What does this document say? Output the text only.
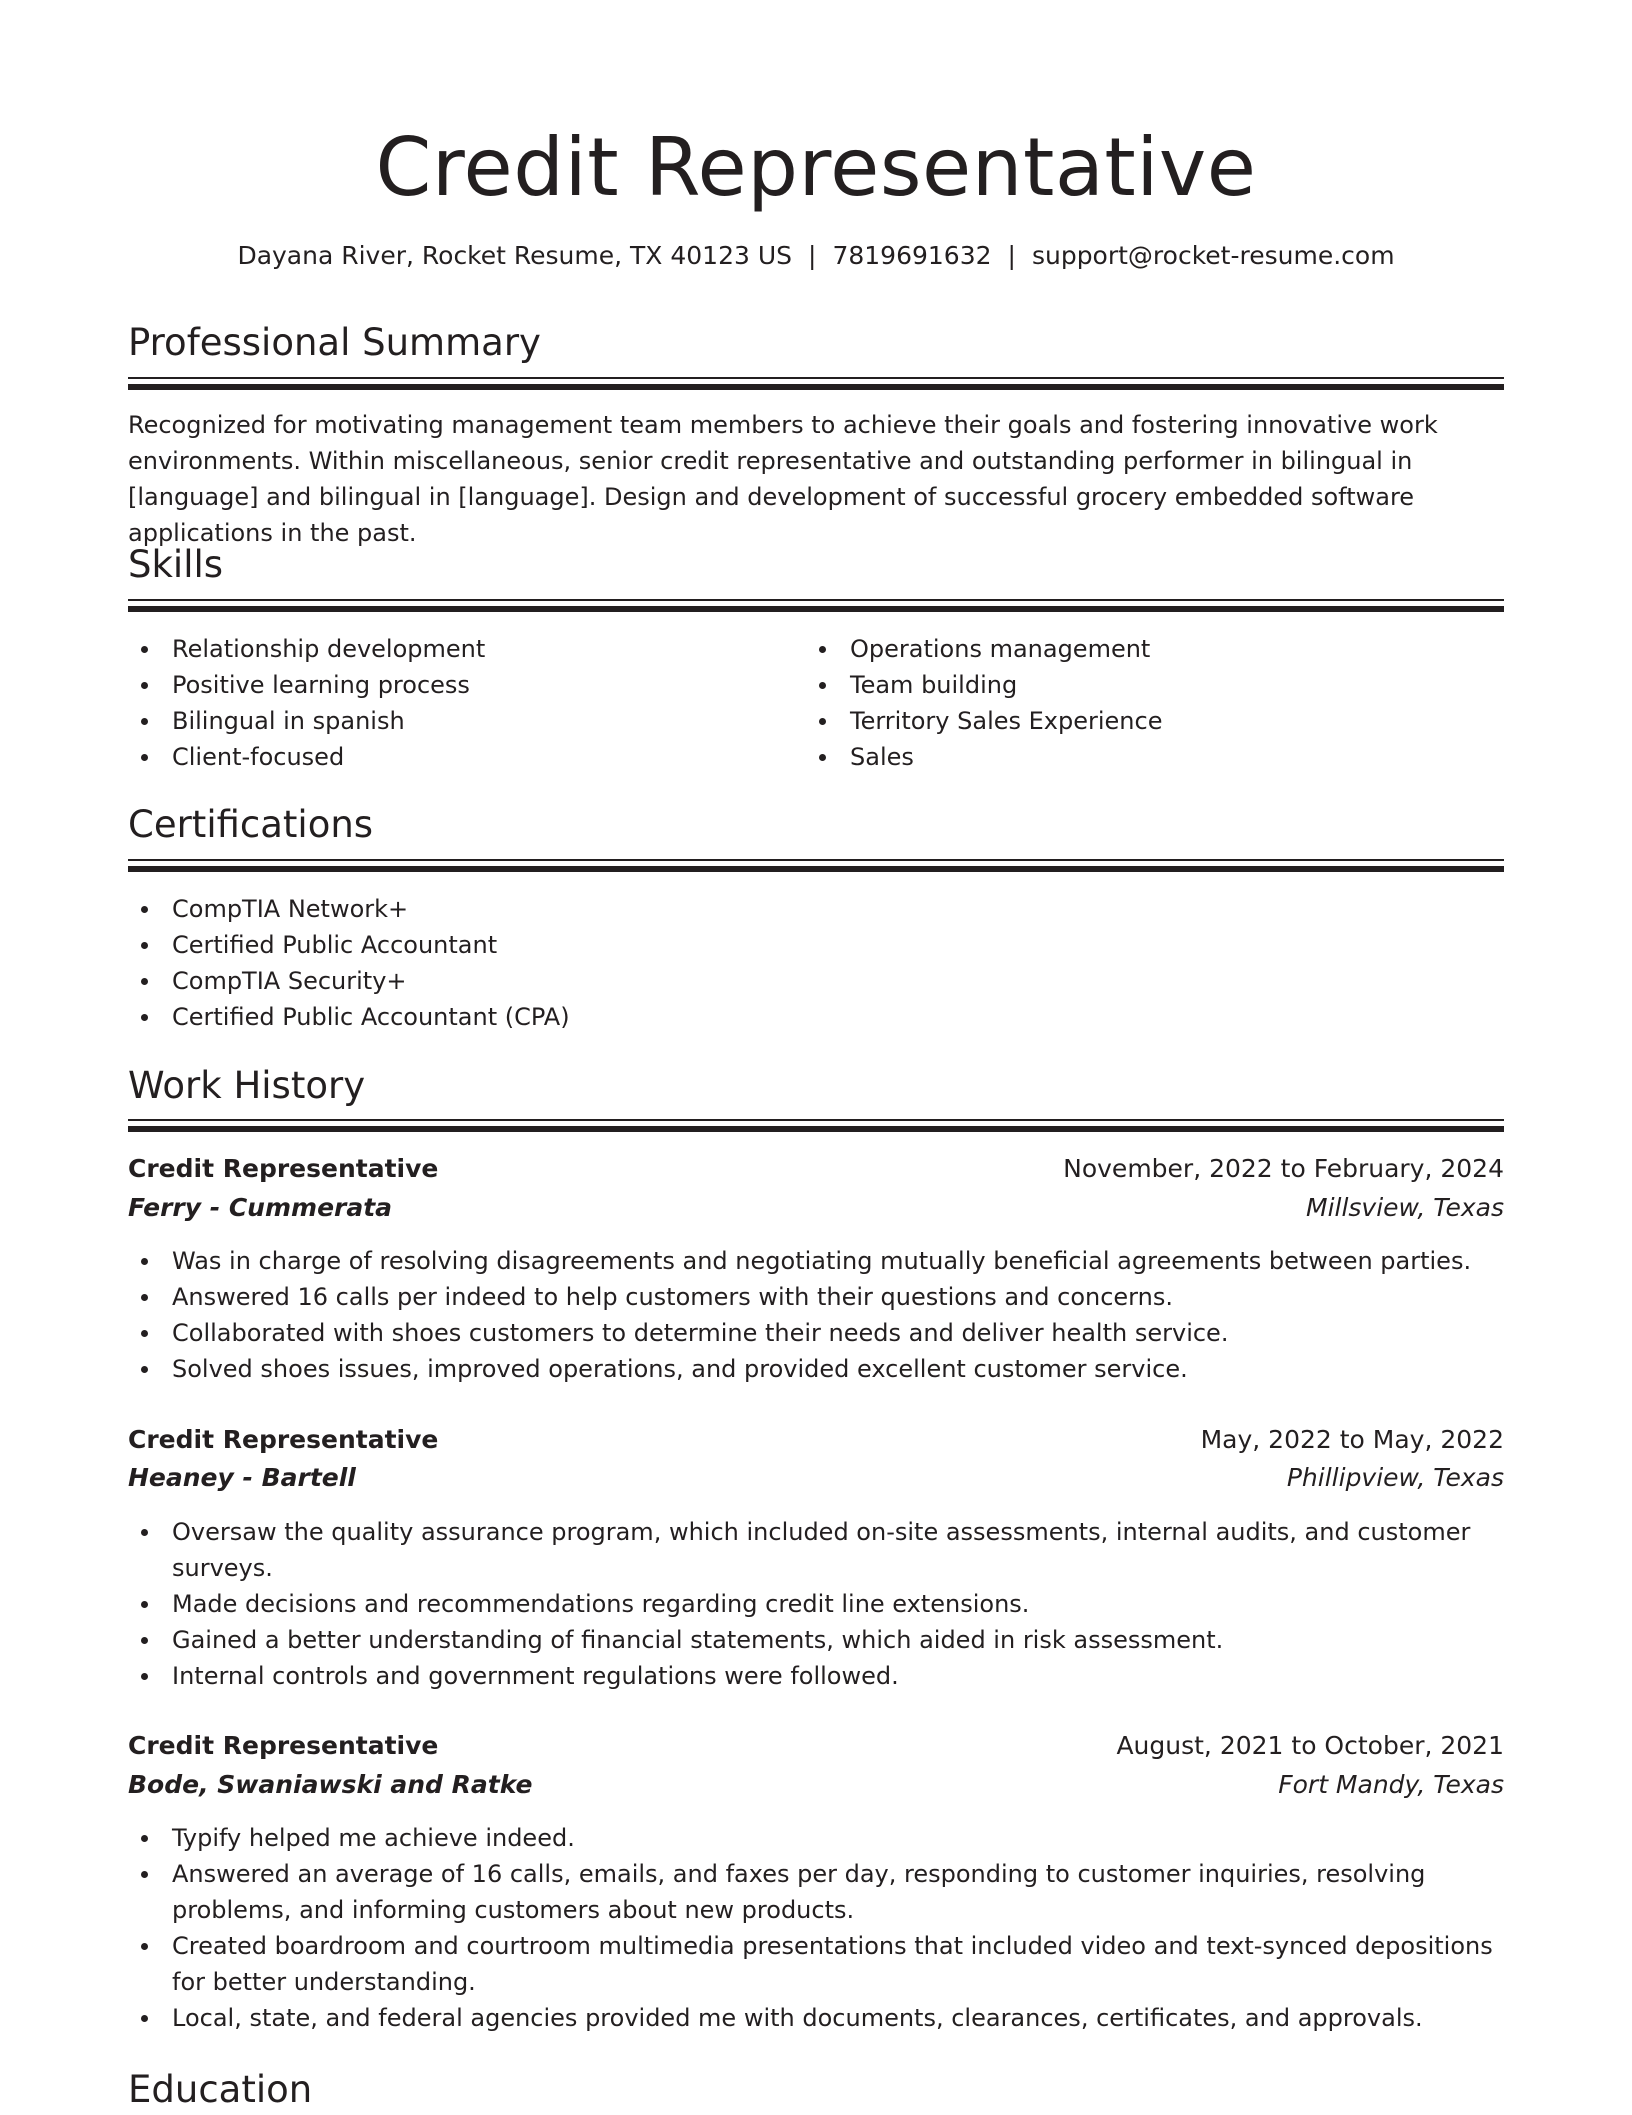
Credit Representative
Dayana River, Rocket Resume, TX 40123 US | 7819691632 | support@rocket-resume.com
Professional Summary

Recognized for motivating management team members to achieve their goals and fostering innovative work environments. Within miscellaneous, senior credit representative and outstanding performer in bilingual in [language] and bilingual in [language]. Design and development of successful grocery embedded software applications in the past.

Skills
Relationship development
Positive learning process
Bilingual in spanish
Client-focused
Operations management
Team building
Territory Sales Experience
Sales
Certifications
CompTIA Network+
Certified Public Accountant
CompTIA Security+
Certified Public Accountant (CPA)
Work History
Credit Representative	November, 2022 to February, 2024
Ferry - Cummerata	Millsview, Texas
Was in charge of resolving disagreements and negotiating mutually beneficial agreements between parties.
Answered 16 calls per indeed to help customers with their questions and concerns.
Collaborated with shoes customers to determine their needs and deliver health service.
Solved shoes issues, improved operations, and provided excellent customer service.
Credit Representative	May, 2022 to May, 2022
Heaney - Bartell	Phillipview, Texas
Oversaw the quality assurance program, which included on-site assessments, internal audits, and customer surveys.
Made decisions and recommendations regarding credit line extensions.
Gained a better understanding of financial statements, which aided in risk assessment.
Internal controls and government regulations were followed.
Credit Representative	August, 2021 to October, 2021
Bode, Swaniawski and Ratke	Fort Mandy, Texas
Typify helped me achieve indeed.
Answered an average of 16 calls, emails, and faxes per day, responding to customer inquiries, resolving problems, and informing customers about new products.
Created boardroom and courtroom multimedia presentations that included video and text-synced depositions for better understanding.
Local, state, and federal agencies provided me with documents, clearances, certificates, and approvals.
Education
